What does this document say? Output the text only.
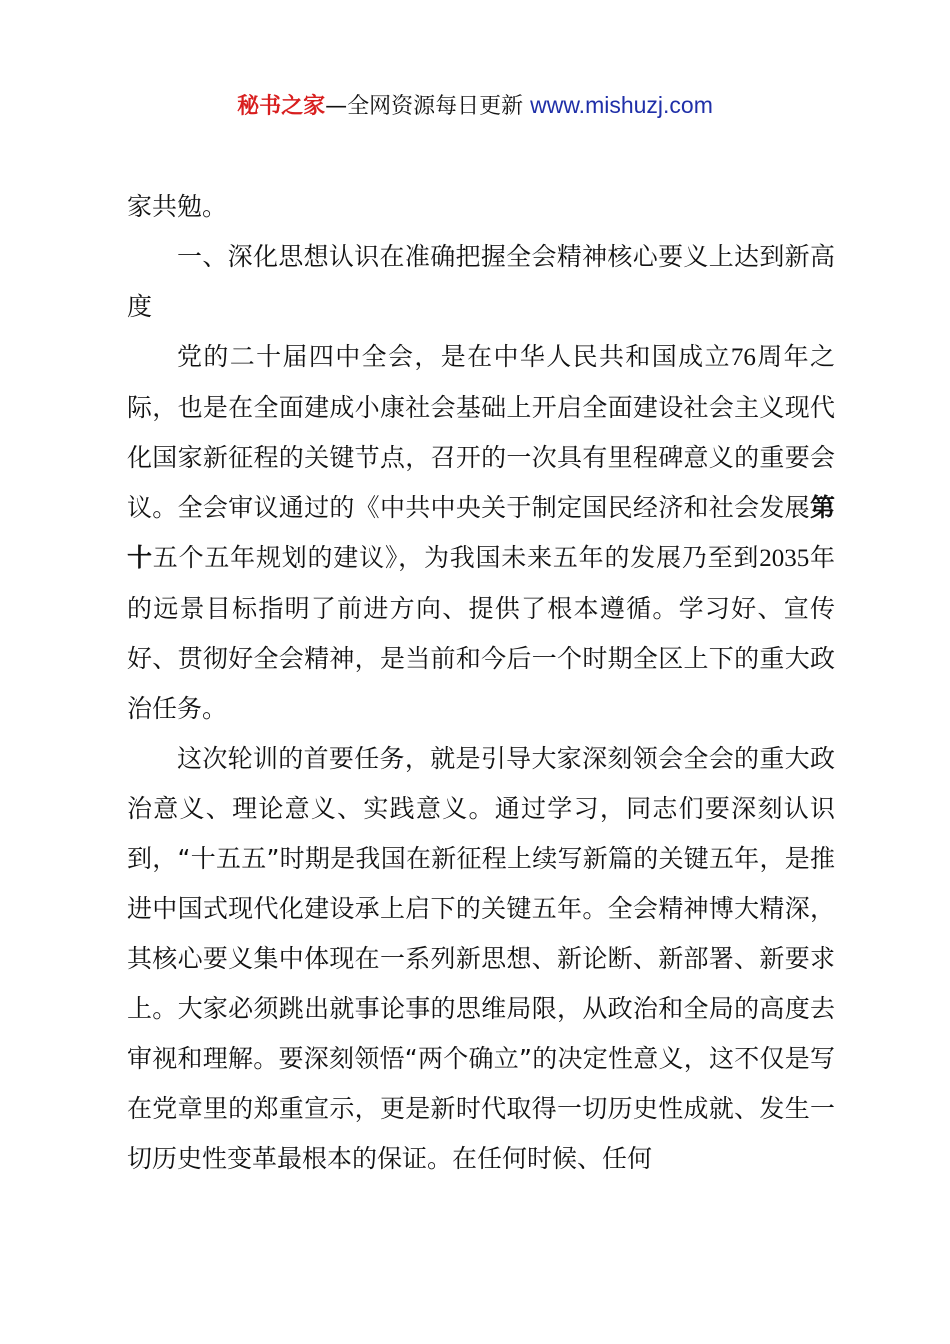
秘书之家—全网资源每日更新 www.mishuzj.com

家共勉。

一、深化思想认识在准确把握全会精神核心要义上达到新高度

党的二十届四中全会，是在中华人民共和国成立76周年之际，也是在全面建成小康社会基础上开启全面建设社会主义现代化国家新征程的关键节点，召开的一次具有里程碑意义的重要会议。全会审议通过的《中共中央关于制定国民经济和社会发展第十五个五年规划的建议》，为我国未来五年的发展乃至到2035年的远景目标指明了前进方向、提供了根本遵循。学习好、宣传好、贯彻好全会精神，是当前和今后一个时期全区上下的重大政治任务。

这次轮训的首要任务，就是引导大家深刻领会全会的重大政治意义、理论意义、实践意义。通过学习，同志们要深刻认识到，“十五五”时期是我国在新征程上续写新篇的关键五年，是推进中国式现代化建设承上启下的关键五年。全会精神博大精深，其核心要义集中体现在一系列新思想、新论断、新部署、新要求上。大家必须跳出就事论事的思维局限，从政治和全局的高度去审视和理解。要深刻领悟“两个确立”的决定性意义，这不仅是写在党章里的郑重宣示，更是新时代取得一切历史性成就、发生一切历史性变革最根本的保证。在任何时候、任何
